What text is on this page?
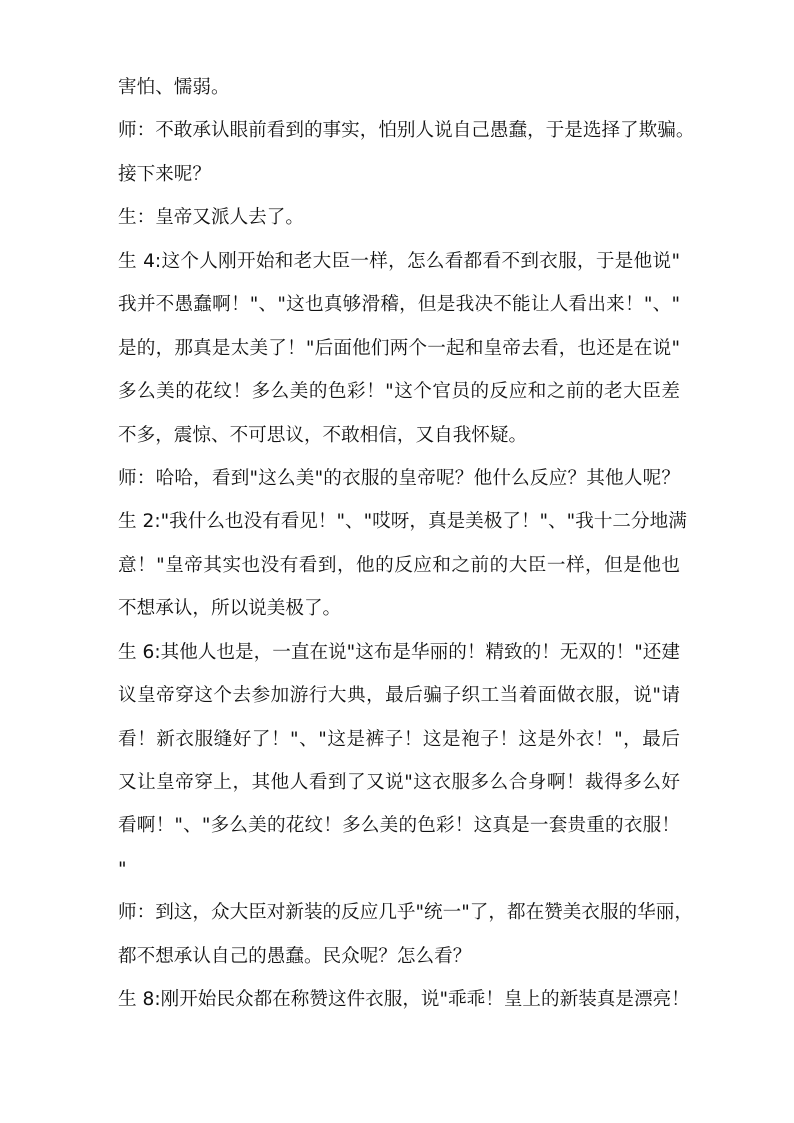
害怕、懦弱。
师：不敢承认眼前看到的事实，怕别人说自己愚蠢，于是选择了欺骗。
接下来呢？
生：皇帝又派人去了。
生 4:这个人刚开始和老大臣一样，怎么看都看不到衣服，于是他说"
我并不愚蠢啊！"、"这也真够滑稽，但是我决不能让人看出来！"、"
是的，那真是太美了！"后面他们两个一起和皇帝去看，也还是在说"
多么美的花纹！多么美的色彩！"这个官员的反应和之前的老大臣差
不多，震惊、不可思议，不敢相信，又自我怀疑。
师：哈哈，看到"这么美"的衣服的皇帝呢？他什么反应？其他人呢？
生 2:"我什么也没有看见！"、"哎呀，真是美极了！"、"我十二分地满
意！"皇帝其实也没有看到，他的反应和之前的大臣一样，但是他也
不想承认，所以说美极了。
生 6:其他人也是，一直在说"这布是华丽的！精致的！无双的！"还建
议皇帝穿这个去参加游行大典，最后骗子织工当着面做衣服，说"请
看！新衣服缝好了！"、"这是裤子！这是袍子！这是外衣！"，最后
又让皇帝穿上，其他人看到了又说"这衣服多么合身啊！裁得多么好
看啊！"、"多么美的花纹！多么美的色彩！这真是一套贵重的衣服！
"
师：到这，众大臣对新装的反应几乎"统一"了，都在赞美衣服的华丽，
都不想承认自己的愚蠢。民众呢？怎么看？
生 8:刚开始民众都在称赞这件衣服，说"乖乖！皇上的新装真是漂亮！
